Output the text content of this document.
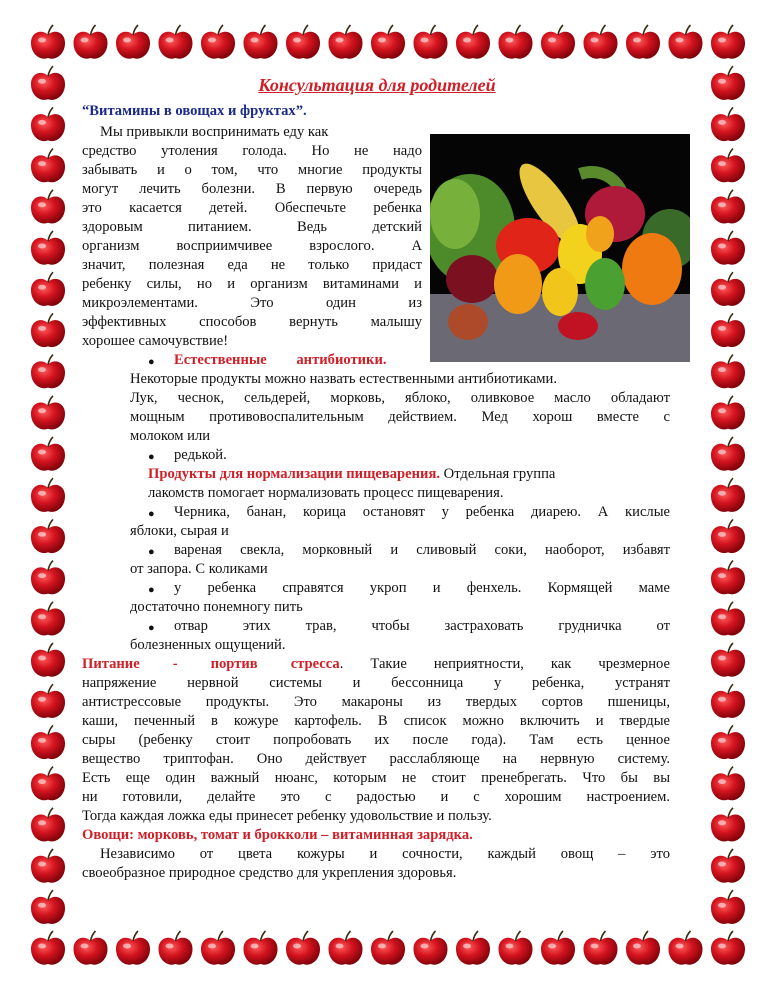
Консультация для родителей
“Витамины в овощах и фруктах”.
Мы привыкли воспринимать еду как
средство утоления голода. Но не надо
забывать и о том, что многие продукты
могут лечить болезни. В первую очередь
это касается детей. Обеспечьте ребенка
здоровым питанием. Ведь детский
организм восприимчивее взрослого. А
значит, полезная еда не только придаст
ребенку силы, но и организм витаминами и
микроэлементами. Это один из
эффективных способов вернуть малышу
хорошее самочувствие!
● Естественные антибиотики.
Некоторые продукты можно назвать естественными антибиотиками.
Лук, чеснок, сельдерей, морковь, яблоко, оливковое масло обладают
мощным противовоспалительным действием. Мед хорош вместе с
молоком или
● редькой.
Продукты для нормализации пищеварения. Отдельная группа
лакомств помогает нормализовать процесс пищеварения.
● Черника, банан, корица остановят у ребенка диарею. А кислые
яблоки, сырая и
● вареная свекла, морковный и сливовый соки, наоборот, избавят
от запора. С коликами
● у ребенка справятся укроп и фенхель. Кормящей маме
достаточно понемногу пить
● отвар этих трав, чтобы застраховать грудничка от
болезненных ощущений.
Питание - портив стресса. Такие неприятности, как чрезмерное
напряжение нервной системы и бессонница у ребенка, устранят
антистрессовые продукты. Это макароны из твердых сортов пшеницы,
каши, печенный в кожуре картофель. В список можно включить и твердые
сыры (ребенку стоит попробовать их после года). Там есть ценное
вещество триптофан. Оно действует расслабляюще на нервную систему.
Есть еще один важный нюанс, которым не стоит пренебрегать. Что бы вы
ни готовили, делайте это с радостью и с хорошим настроением.
Тогда каждая ложка еды принесет ребенку удовольствие и пользу.
Овощи: морковь, томат и брокколи – витаминная зарядка.
Независимо от цвета кожуры и сочности, каждый овощ – это
своеобразное природное средство для укрепления здоровья.
